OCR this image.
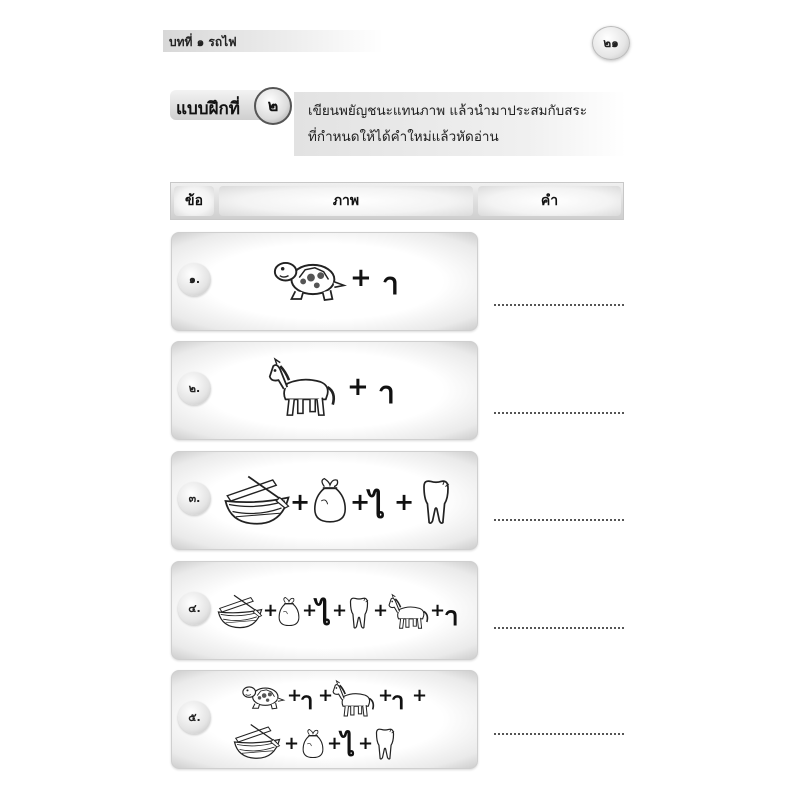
บทที่ ๑ รถไฟ	๒๑
แบบฝึกที่	๒	เขียนพยัญชนะแทนภาพ แล้วนำมาประสมกับสระ
ที่กำหนดให้ได้คำใหม่แล้วหัดอ่าน
ข้อ	ภาพ	คำ
๑.	+ า
๒.	+ า
๓.	+ +
ไ +
๔.	+ +
ไ + + +
า
๕.
+
า + +
า +
+ +
ไ +
